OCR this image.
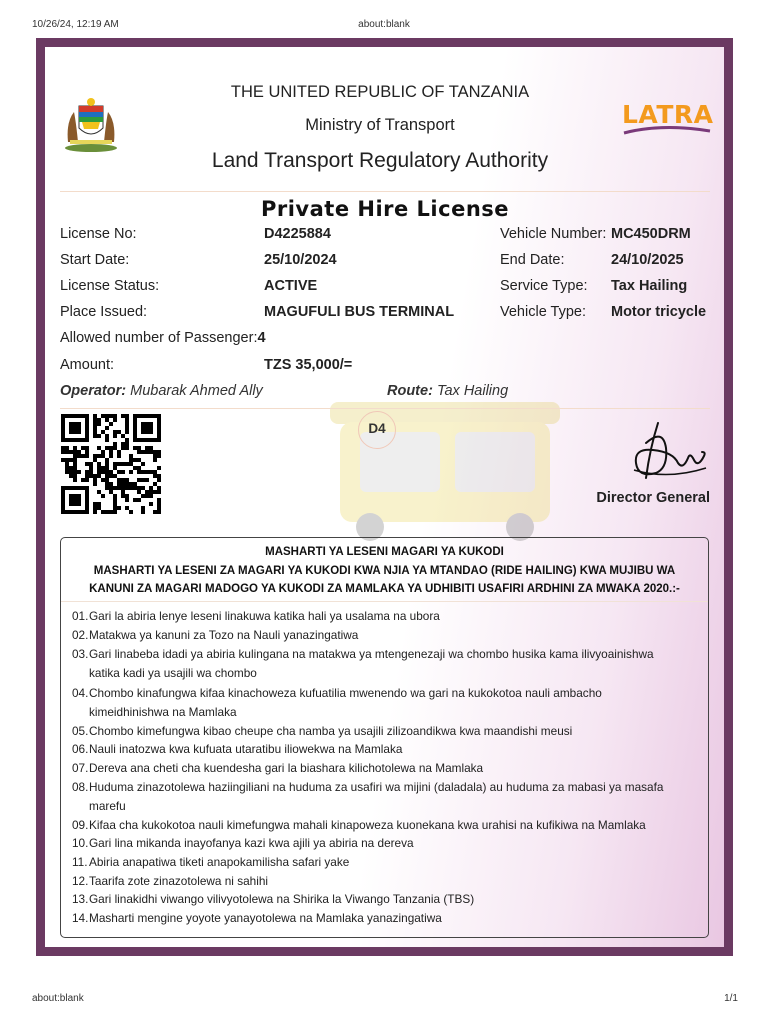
10/26/24, 12:19 AM	about:blank
about:blank	1/1
LATRA
THE UNITED REPUBLIC OF TANZANIA
Ministry of Transport
Land Transport Regulatory Authority
Private Hire License
License No:	D4225884	Vehicle Number: MC450DRM
Start Date:	25/10/2024	End Date:	24/10/2025
License Status:	ACTIVE	Service Type: Tax Hailing
Place Issued:	MAGUFULI BUS TERMINAL	Vehicle Type: Motor tricycle
Allowed number of Passenger:4
Amount:	TZS 35,000/=
Operator: Mubarak Ahmed Ally	Route: Tax Hailing
D4
Director General
MASHARTI YA LESENI MAGARI YA KUKODI
MASHARTI YA LESENI ZA MAGARI YA KUKODI KWA NJIA YA MTANDAO (RIDE HAILING) KWA MUJIBU WA
KANUNI ZA MAGARI MADOGO YA KUKODI ZA MAMLAKA YA UDHIBITI USAFIRI ARDHINI ZA MWAKA 2020.:-
01.Gari la abiria lenye leseni linakuwa katika hali ya usalama na ubora
02.Matakwa ya kanuni za Tozo na Nauli yanazingatiwa
03.Gari linabeba idadi ya abiria kulingana na matakwa ya mtengenezaji wa chombo husika kama ilivyoainishwa
katika kadi ya usajili wa chombo
04.Chombo kinafungwa kifaa kinachoweza kufuatilia mwenendo wa gari na kukokotoa nauli ambacho
kimeidhinishwa na Mamlaka
05.Chombo kimefungwa kibao cheupe cha namba ya usajili zilizoandikwa kwa maandishi meusi
06.Nauli inatozwa kwa kufuata utaratibu iliowekwa na Mamlaka
07.Dereva ana cheti cha kuendesha gari la biashara kilichotolewa na Mamlaka
08.Huduma zinazotolewa haziingiliani na huduma za usafiri wa mijini (daladala) au huduma za mabasi ya masafa
marefu
09.Kifaa cha kukokotoa nauli kimefungwa mahali kinapoweza kuonekana kwa urahisi na kufikiwa na Mamlaka
10.Gari lina mikanda inayofanya kazi kwa ajili ya abiria na dereva
11.Abiria anapatiwa tiketi anapokamilisha safari yake
12.Taarifa zote zinazotolewa ni sahihi
13.Gari linakidhi viwango vilivyotolewa na Shirika la Viwango Tanzania (TBS)
14.Masharti mengine yoyote yanayotolewa na Mamlaka yanazingatiwa
